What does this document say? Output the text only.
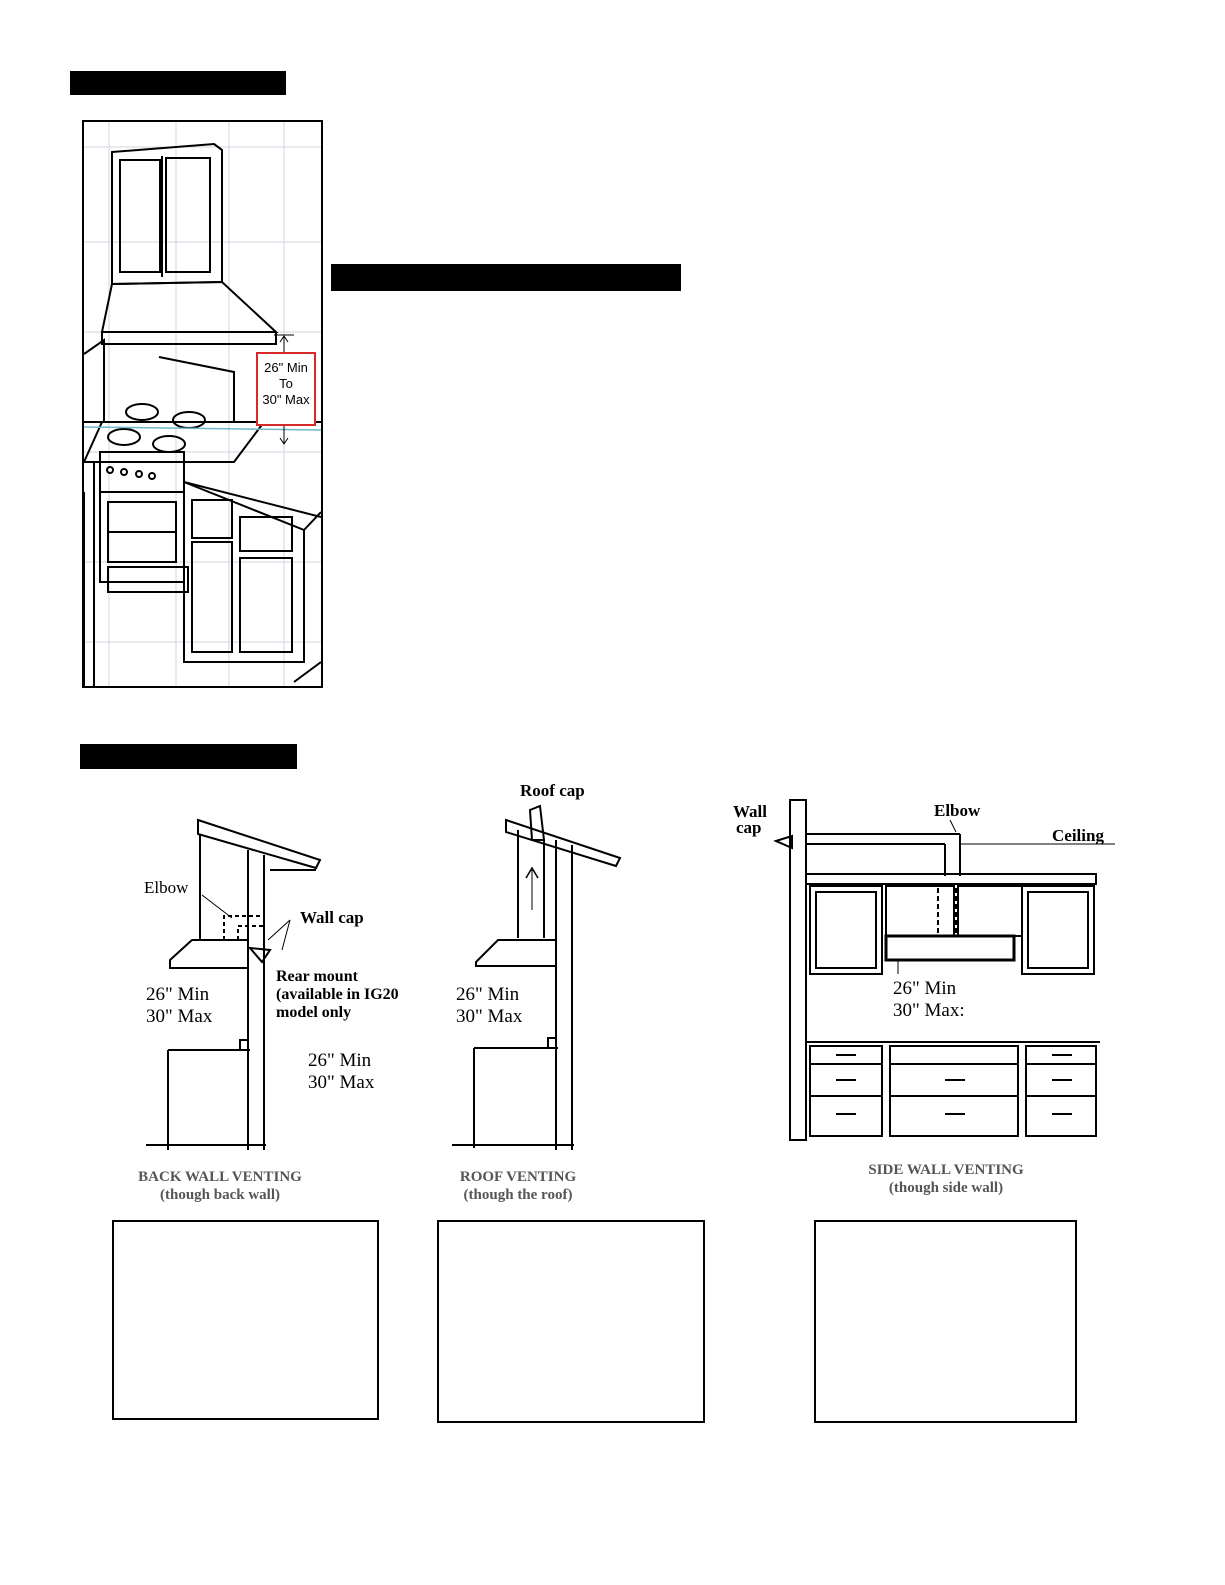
26" Min
To
30" Max
Elbow
Wall cap
Rear mount
(available in IG20
model only
26" Min
30" Max
26" Min
30" Max
BACK WALL VENTING
(though back wall)
Roof cap
26" Min
30" Max
ROOF VENTING
(though the roof)
Wall
cap
Elbow
Ceiling
26" Min
30" Max:
SIDE WALL VENTING
(though side wall)
